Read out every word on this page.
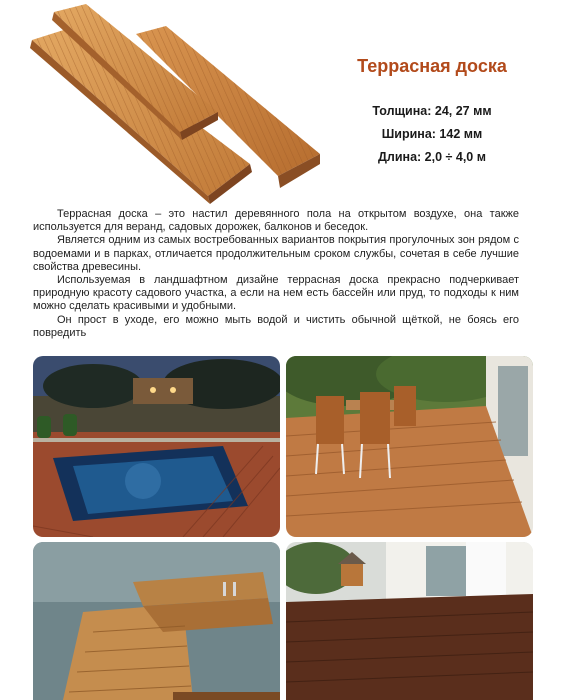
Террасная доска
Толщина: 24, 27 мм
Ширина: 142 мм
Длина: 2,0 ÷ 4,0 м

Террасная доска – это настил деревянного пола на открытом воздухе, она также используется для веранд, садовых дорожек, балконов и беседок.

Является одним из самых востребованных вариантов покрытия прогулочных зон рядом с водоемами и в парках, отличается продолжительным сроком службы, сочетая в себе лучшие свойства древесины.

Используемая в ландшафтном дизайне террасная доска прекрасно подчеркивает природную красоту садового участка, а если на нем есть бассейн или пруд, то подходы к ним можно сделать красивыми и удобными.

Он прост в уходе, его можно мыть водой и чистить обычной щёткой, не боясь его повредить
